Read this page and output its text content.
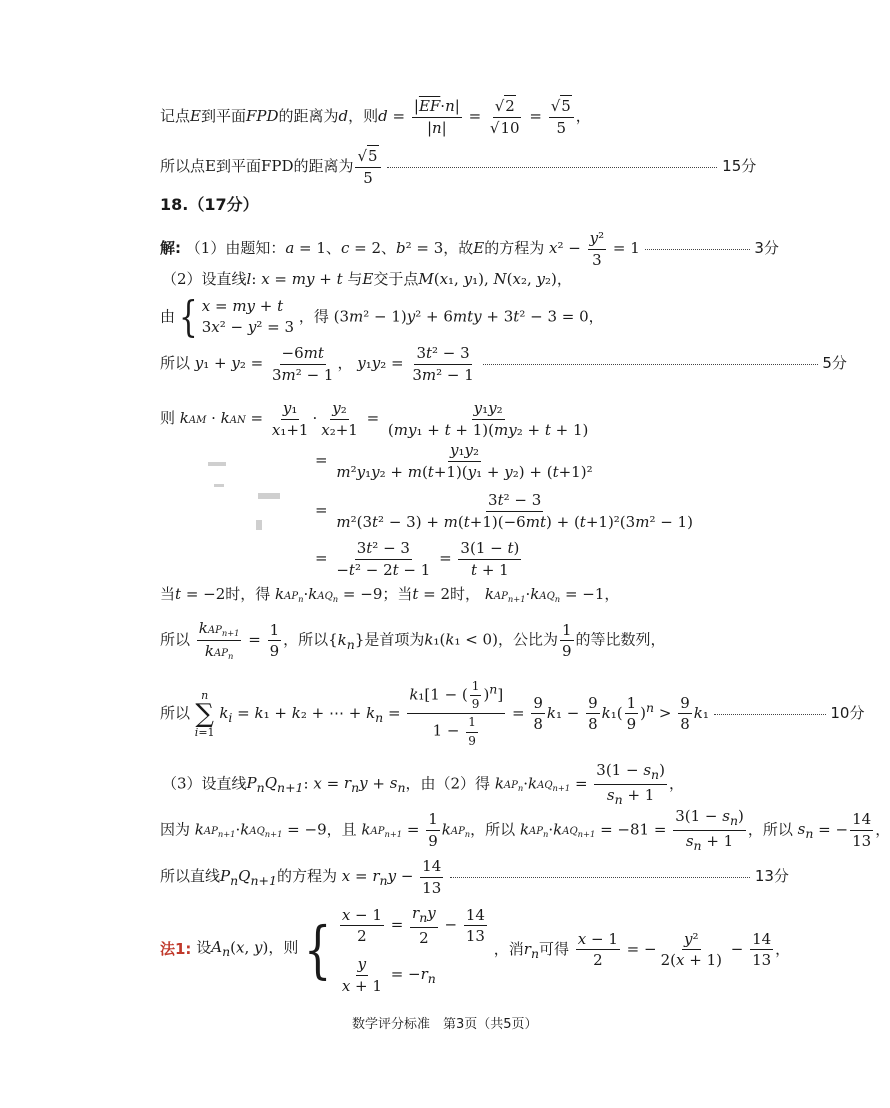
记点E到平面FPD的距离为d，则$d = \frac{|\overline{EF}\cdot n|}{|n|} = \frac{√2}{√10} = \frac{√5}{5}$ ，
所以点E到平面FPD的距离为 $\frac{√5}{5}$	15分
18.（17分）
解: （1）由题知：a = 1、c = 2、b² = 3，故E的方程为 $x^2 - \frac{\text{y²}}{3} = 1$	3分
（2）设直线l: x = my + t 与E交于点M(x₁, y₁), N(x₂, y₂)，
由{ x = my + t
3x² − y² = 3
，得 (3m² − 1)y² + 6mty + 3t² − 3 = 0，
所以 $y_1 + y_2 = \frac{-6mt}{\text{3m² − 1}}$ ， $y_1y_2 = \frac{\text{3t² − 3}}{\text{3m² − 1}}$	5分
则 kAM · kAN = $\frac{\text{y₁}}{\text{x₁+1}} \cdot \frac{\text{y₂}}{\text{x₂+1}} = \frac{\text{y₁y₂}}{\text{(my₁ + t + 1)(my₂ + t + 1)}}$
= $\frac{\text{y₁y₂}}{\text{m²y₁y₂ + m(t+1)(y₁ + y₂) + (t+1)²}}$
= $\frac{\text{3t² − 3}}{\text{m²(3t² − 3) + m(t+1)(−6mt) + (t+1)²(3m² − 1)}}$
= $\frac{\text{3t² − 3}}{\text{−t² − 2t − 1}} = \frac{3(1 - t)}{t + 1}$
当t = −2时，得 kAP$_n$·kAQ$_n$ = −9；当t = 2时， kAP$_{n+1}$·kAQ$_n$ = −1，
所以 $\frac{kAP_{n+1}}{kAP_n} = \frac{1}{9}$ ，所以$\{k_n\}$是首项为k₁(k₁ < 0)，公比为 $\frac{1}{9}$ 的等比数列，
所以
n
∑
i=1
$k_i = k_1 + k_2$ + ⋯ + $k_n = \frac{k_1[1 - ( \frac{1}{9} )^n]}{1 - \frac{1}{9}} = \frac{9}{8} k_1 - \frac{9}{8} k_1( \frac{1}{9} )^n > \frac{9}{8} k_1$	10分
（3）设直线$P_nQ_{n+1}$: $x = r_ny + s_n$，由（2）得 $kAP_n\cdot kAQ_{n+1} = \frac{3(1 - s_n)}{s_n + 1}$ ，
因为 kAP$_{n+1}$·kAQ$_{n+1}$ = −9，且 $kAP_{n+1} = \frac{1}{9} kAP_n$，所以 $kAP_n\cdot kAQ_{n+1} = -81 = \frac{3(1 - s_n)}{s_n + 1}$ ，所以 $s_n$ = − $\frac{14}{13}$ ，
所以直线$P_nQ_{n+1}$的方程为 $x = r_ny - \frac{14}{13}$	13分
法1: 设$A_n(x$, y)，则{ $\frac{x - 1}{2} = \frac{r_ny}{2} - \frac{14}{13}$
$\frac{y}{x + 1} = -r_n$
，消$r_n$可得 $\frac{x - 1}{2}$ = − $\frac{\text{y²}}{2(x + 1)} - \frac{14}{13}$ ，
数学评分标准　第3页（共5页）
